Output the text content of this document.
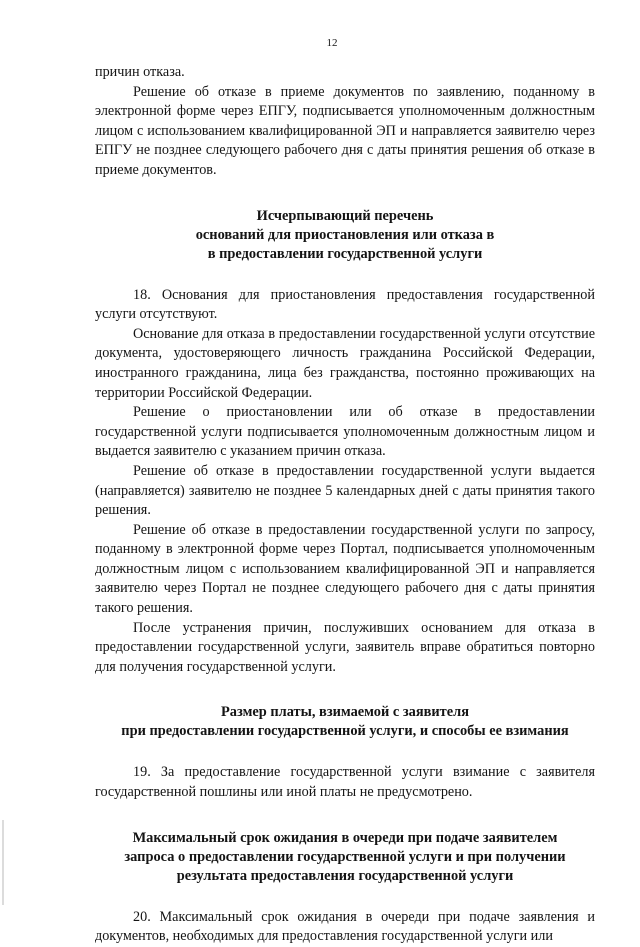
12

причин отказа.

Решение об отказе в приеме документов по заявлению, поданному в электронной форме через ЕПГУ, подписывается уполномоченным должностным лицом с использованием квалифицированной ЭП и направляется заявителю через ЕПГУ не позднее следующего рабочего дня с даты принятия решения об отказе в приеме документов.

Исчерпывающий перечень
оснований для приостановления или отказа в
в предоставлении государственной услуги

18. Основания для приостановления предоставления государственной услуги отсутствуют.

Основание для отказа в предоставлении государственной услуги отсутствие документа, удостоверяющего личность гражданина Российской Федерации, иностранного гражданина, лица без гражданства, постоянно проживающих на территории Российской Федерации.

Решение о приостановлении или об отказе в предоставлении государственной услуги подписывается уполномоченным должностным лицом и выдается заявителю с указанием причин отказа.

Решение об отказе в предоставлении государственной услуги выдается (направляется) заявителю не позднее 5 календарных дней с даты принятия такого решения.

Решение об отказе в предоставлении государственной услуги по запросу, поданному в электронной форме через Портал, подписывается уполномоченным должностным лицом с использованием квалифицированной ЭП и направляется заявителю через Портал не позднее следующего рабочего дня с даты принятия такого решения.

После устранения причин, послуживших основанием для отказа в предоставлении государственной услуги, заявитель вправе обратиться повторно для получения государственной услуги.

Размер платы, взимаемой с заявителя
при предоставлении государственной услуги, и способы ее взимания

19. За предоставление государственной услуги взимание с заявителя государственной пошлины или иной платы не предусмотрено.

Максимальный срок ожидания в очереди при подаче заявителем
запроса о предоставлении государственной услуги и при получении
результата предоставления государственной услуги

20. Максимальный срок ожидания в очереди при подаче заявления и документов, необходимых для предоставления государственной услуги или
